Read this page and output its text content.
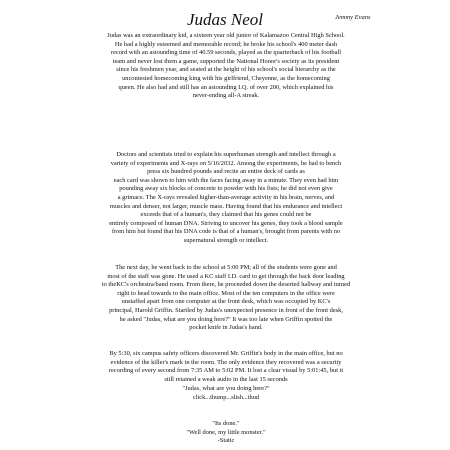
Judas Neol	Jemmy Evans

Judas was an extraordinary kid, a sixteen year old junior of Kalamazoo Central High School.
He had a highly esteemed and memorable record; he broke his school's 400 meter dash
record with an astounding time of 40.59 seconds, played as the quarterback of his football
team and never lost them a game, supported the National Honor's society as its president
since his freshmen year, and seated at the height of his school's social hierarchy as the
uncontested homecoming king with his girlfriend, Cheyenne, as the homecoming
queen. He also had and still has an astounding I.Q. of over 200, which explained his
never-ending all-A streak.

Doctors and scientists tried to explain his superhuman strength and intellect through a
variety of experiments and X-rays on 5/16/2032. Among the experiments, he had to bench
press six hundred pounds and recite an entire deck of cards as
each card was shown to him with the faces facing away in a minute. They even had him
pounding away six blocks of concrete to powder with his fists; he did not even give
a grimace. The X-rays revealed higher-than-average activity in his brain, nerves, and
muscles and denser, not larger, muscle mass. Having found that his endurance and intellect
exceeds that of a human's, they claimed that his genes could not be
entirely composed of human DNA. Striving to uncover his genes, they took a blood sample
from him but found that his DNA code is that of a human's, brought from parents with no
supernatural strength or intellect.

The next day, he went back to the school at 5:00 PM; all of the students were gone and
most of the staff was gone. He used a KC staff I.D. card to get through the back door leading
to theKC's orchestra/band room. From there, he proceeded down the deserted hallway and turned
right to head towards to the main office. Most of the ten computers in the office were
unstaffed apart from one computer at the front desk, which was occupied by KC's
principal, Harold Griffin. Startled by Judas's unexpected presence in front of the front desk,
he asked "Judas, what are you doing here?" It was too late when Griffin spotted the
pocket knife in Judas's hand.

By 5:30, six campus safety officers discovered Mr. Griffin's body in the main office, but no
evidence of the killer's mark in the room. The only evidence they recovered was a security
recording of every second from 7:35 AM to 5:02 PM. It lost a clear visual by 5:01:45, but it
still retained a weak audio in the last 15 seconds

"Judas, what are you doing here?"
click...thump...slish...thud

"Its done."
"Well done, my little monster."
-Static
